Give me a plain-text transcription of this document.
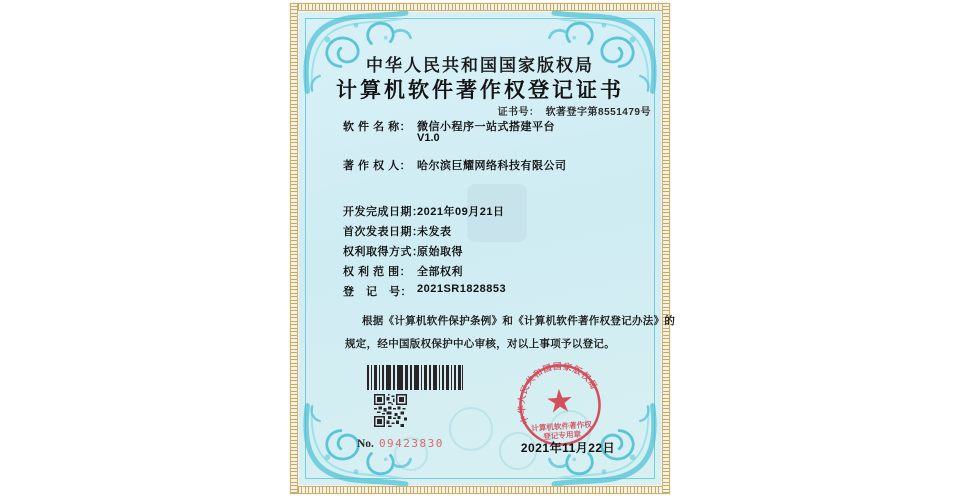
中华人民共和国国家版权局
计算机软件著作权登记证书
证书号： 软著登字第8551479号
软 件 名 称： 微信小程序一站式搭建平台
V1.0
著 作 权 人： 哈尔滨巨耀网络科技有限公司
开发完成日期：
2021年09月21日
首次发表日期：
未发表
权利取得方式：
原始取得
权 利 范 围： 全部权利
登　记　号： 2021SR1828853
根据《计算机软件保护条例》和《计算机软件著作权登记办法》的
规定，经中国版权保护中心审核，对以上事项予以登记。
No. 09423830
中华人民共和国国家版权局
★
计算机软件著作权
登记专用章
2021年11月22日
